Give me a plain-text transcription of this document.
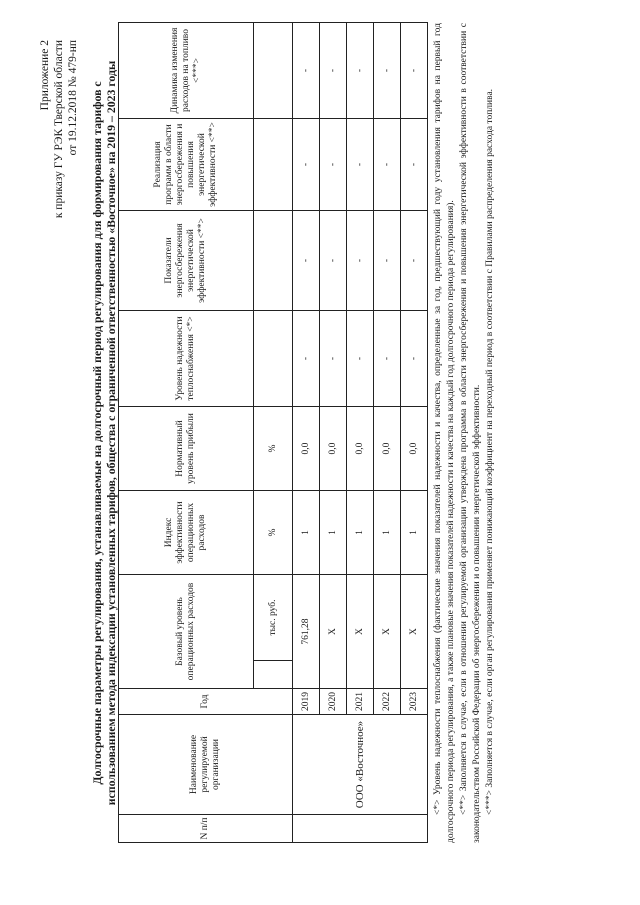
Приложение 2 к приказу ГУ РЭК Тверской области от 19.12.2018 № 479-нп Долгосрочные параметры регулирования, устанавливаемые на долгосрочный период регулирования для формирования тарифов с использованием метода индексации установленных тарифов, общества с ограниченной ответственностью «Восточное» на 2019 – 2023 годы
N п/п	Наименование регулируемой организации	Год	Базовый уровень операционных расходов		Индекс эффективности операционных расходов	Нормативный уровень прибыли	Уровень надежности теплоснабжения <*>	Показатели энергосбережения энергетической эффективности <**>	Реализация программ в области энергосбережения и повышения энергетической эффективности <**>	Динамика изменения расходов на топливо <***>
				тыс. руб.	%	%				
	ООО «Восточное»	2019	761,28		1	0,0	-	-	-	-
		2020	Х		1	0,0	-	-	-	-
		2021	Х		1	0,0	-	-	-	-
		2022	Х		1	0,0	-	-	-	-
		2023	Х		1	0,0	-	-	-	- <*> Уровень надежности теплоснабжения (фактические значения показателей надежности и качества, определенные за год, предшествующий году установления тарифов на первый год долгосрочного периода регулирования, а также плановые значения показателей надежности и качества на каждый год долгосрочного периода регулирования). <**> Заполняется в случае, если в отношении регулируемой организации утверждена программа в области энергосбережения и повышения энергетической эффективности в соответствии с законодательством Российской Федерации об энергосбережении и о повышении энергетической эффективности. <***> Заполняется в случае, если орган регулирования применяет понижающий коэффициент на переходный период в соответствии с Правилами распределения расхода топлива.
